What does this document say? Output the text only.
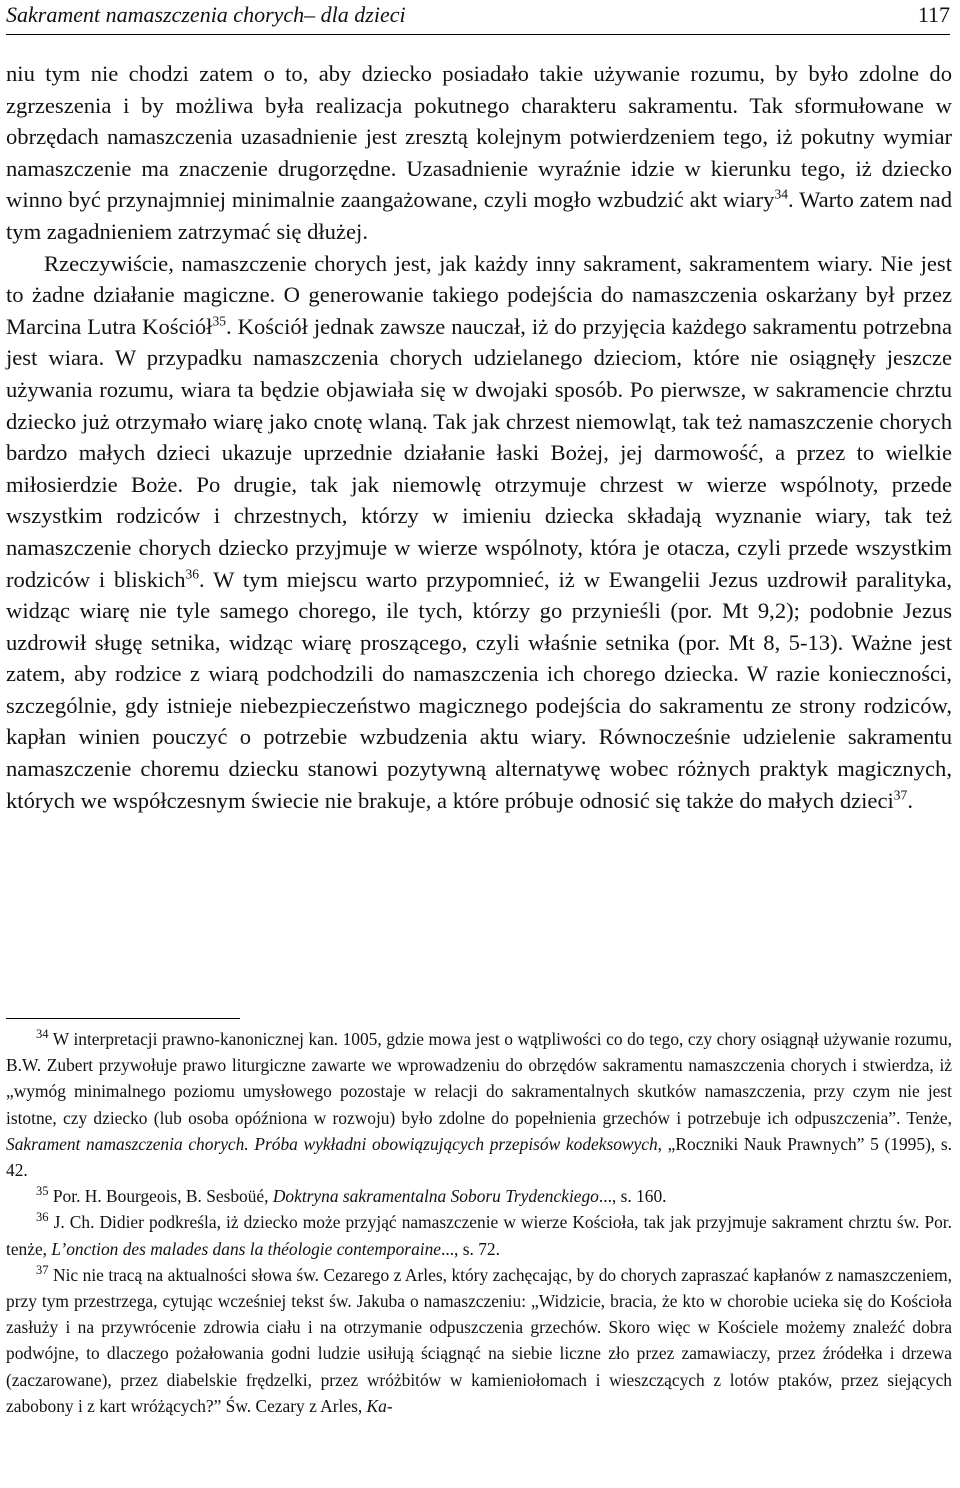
Sakrament namaszczenia chorych– dla dzieci	117

niu tym nie chodzi zatem o to, aby dziecko posiadało takie używanie rozumu, by było zdolne do zgrzeszenia i by możliwa była realizacja pokutnego charakteru sakramentu. Tak sformułowane w obrzędach namaszczenia uzasadnienie jest zresztą kolejnym potwierdzeniem tego, iż pokutny wymiar namaszczenie ma znaczenie drugorzędne. Uzasadnienie wyraźnie idzie w kierunku tego, iż dziecko winno być przynajmniej minimalnie zaangażowane, czyli mogło wzbudzić akt wiary$^{34}$. Warto zatem nad tym zagadnieniem zatrzymać się dłużej.

Rzeczywiście, namaszczenie chorych jest, jak każdy inny sakrament, sakramentem wiary. Nie jest to żadne działanie magiczne. O generowanie takiego podejścia do namaszczenia oskarżany był przez Marcina Lutra Kościół$^{35}$. Kościół jednak zawsze nauczał, iż do przyjęcia każdego sakramentu potrzebna jest wiara. W przypadku namaszczenia chorych udzielanego dzieciom, które nie osiągnęły jeszcze używania rozumu, wiara ta będzie objawiała się w dwojaki sposób. Po pierwsze, w sakramencie chrztu dziecko już otrzymało wiarę jako cnotę wlaną. Tak jak chrzest niemowląt, tak też namaszczenie chorych bardzo małych dzieci ukazuje uprzednie działanie łaski Bożej, jej darmowość, a przez to wielkie miłosierdzie Boże. Po drugie, tak jak niemowlę otrzymuje chrzest w wierze wspólnoty, przede wszystkim rodziców i chrzestnych, którzy w imieniu dziecka składają wyznanie wiary, tak też namaszczenie chorych dziecko przyjmuje w wierze wspólnoty, która je otacza, czyli przede wszystkim rodziców i bliskich$^{36}$. W tym miejscu warto przypomnieć, iż w Ewangelii Jezus uzdrowił paralityka, widząc wiarę nie tyle samego chorego, ile tych, którzy go przynieśli (por. Mt 9,2); podobnie Jezus uzdrowił sługę setnika, widząc wiarę proszącego, czyli właśnie setnika (por. Mt 8, 5-13). Ważne jest zatem, aby rodzice z wiarą podchodzili do namaszczenia ich chorego dziecka. W razie konieczności, szczególnie, gdy istnieje niebezpieczeństwo magicznego podejścia do sakramentu ze strony rodziców, kapłan winien pouczyć o potrzebie wzbudzenia aktu wiary. Równocześnie udzielenie sakramentu namaszczenie choremu dziecku stanowi pozytywną alternatywę wobec różnych praktyk magicznych, których we współczesnym świecie nie brakuje, a które próbuje odnosić się także do małych dzieci$^{37}$.

$^{34}$ W interpretacji prawno-kanonicznej kan. 1005, gdzie mowa jest o wątpliwości co do tego, czy chory osiągnął używanie rozumu, B.W. Zubert przywołuje prawo liturgiczne zawarte we wprowadzeniu do obrzędów sakramentu namaszczenia chorych i stwierdza, iż „wymóg minimalnego poziomu umysłowego pozostaje w relacji do sakramentalnych skutków namaszczenia, przy czym nie jest istotne, czy dziecko (lub osoba opóźniona w rozwoju) było zdolne do popełnienia grzechów i potrzebuje ich odpuszczenia”. Tenże, Sakrament namaszczenia chorych. Próba wykładni obowiązujących przepisów kodeksowych, „Roczniki Nauk Prawnych” 5 (1995), s. 42.

$^{35}$ Por. H. Bourgeois, B. Sesboüé, Doktryna sakramentalna Soboru Trydenckiego..., s. 160.

$^{36}$ J. Ch. Didier podkreśla, iż dziecko może przyjąć namaszczenie w wierze Kościoła, tak jak przyjmuje sakrament chrztu św. Por. tenże, L’onction des malades dans la théologie contemporaine..., s. 72.

$^{37}$ Nic nie tracą na aktualności słowa św. Cezarego z Arles, który zachęcając, by do chorych zapraszać kapłanów z namaszczeniem, przy tym przestrzega, cytując wcześniej tekst św. Jakuba o namaszczeniu: „Widzicie, bracia, że kto w chorobie ucieka się do Kościoła zasłuży i na przywrócenie zdrowia ciału i na otrzymanie odpuszczenia grzechów. Skoro więc w Kościele możemy znaleźć dobra podwójne, to dlaczego pożałowania godni ludzie usiłują ściągnąć na siebie liczne zło przez zamawiaczy, przez źródełka i drzewa (zaczarowane), przez diabelskie frędzelki, przez wróżbitów w kamieniołomach i wieszczących z lotów ptaków, przez siejących zabobony i z kart wróżących?” Św. Cezary z Arles, Ka-
